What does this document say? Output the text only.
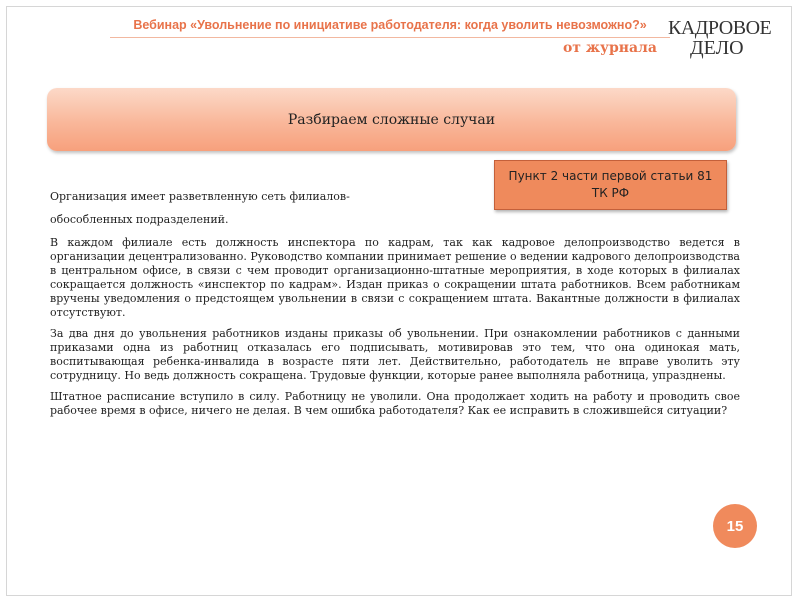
Вебинар «Увольнение по инициативе работодателя: когда уволить невозможно?»
от журнала
КАДРОВОЕ
ДЕЛО
Разбираем сложные случаи
Пункт 2 части первой статьи 81
ТК РФ

Организация имеет разветвленную сеть филиалов-

обособленных подразделений.

В каждом филиале есть должность инспектора по кадрам, так как кадровое делопроизводство ведется в организации децентрализованно. Руководство компании принимает решение о ведении кадрового делопроизводства в центральном офисе, в связи с чем проводит организационно-штатные мероприятия, в ходе которых в филиалах сокращается должность «инспектор по кадрам». Издан приказ о сокращении штата работников. Всем работникам вручены уведомления о предстоящем увольнении в связи с сокращением штата. Вакантные должности в филиалах отсутствуют.

За два дня до увольнения работников изданы приказы об увольнении. При ознакомлении работников с данными приказами одна из работниц отказалась его подписывать, мотивировав это тем, что она одинокая мать, воспитывающая ребенка-инвалида в возрасте пяти лет. Действительно, работодатель не вправе уволить эту сотрудницу. Но ведь должность сокращена. Трудовые функции, которые ранее выполняла работница, упразднены.

Штатное расписание вступило в силу. Работницу не уволили. Она продолжает ходить на работу и проводить свое рабочее время в офисе, ничего не делая. В чем ошибка работодателя? Как ее исправить в сложившейся ситуации?

15
